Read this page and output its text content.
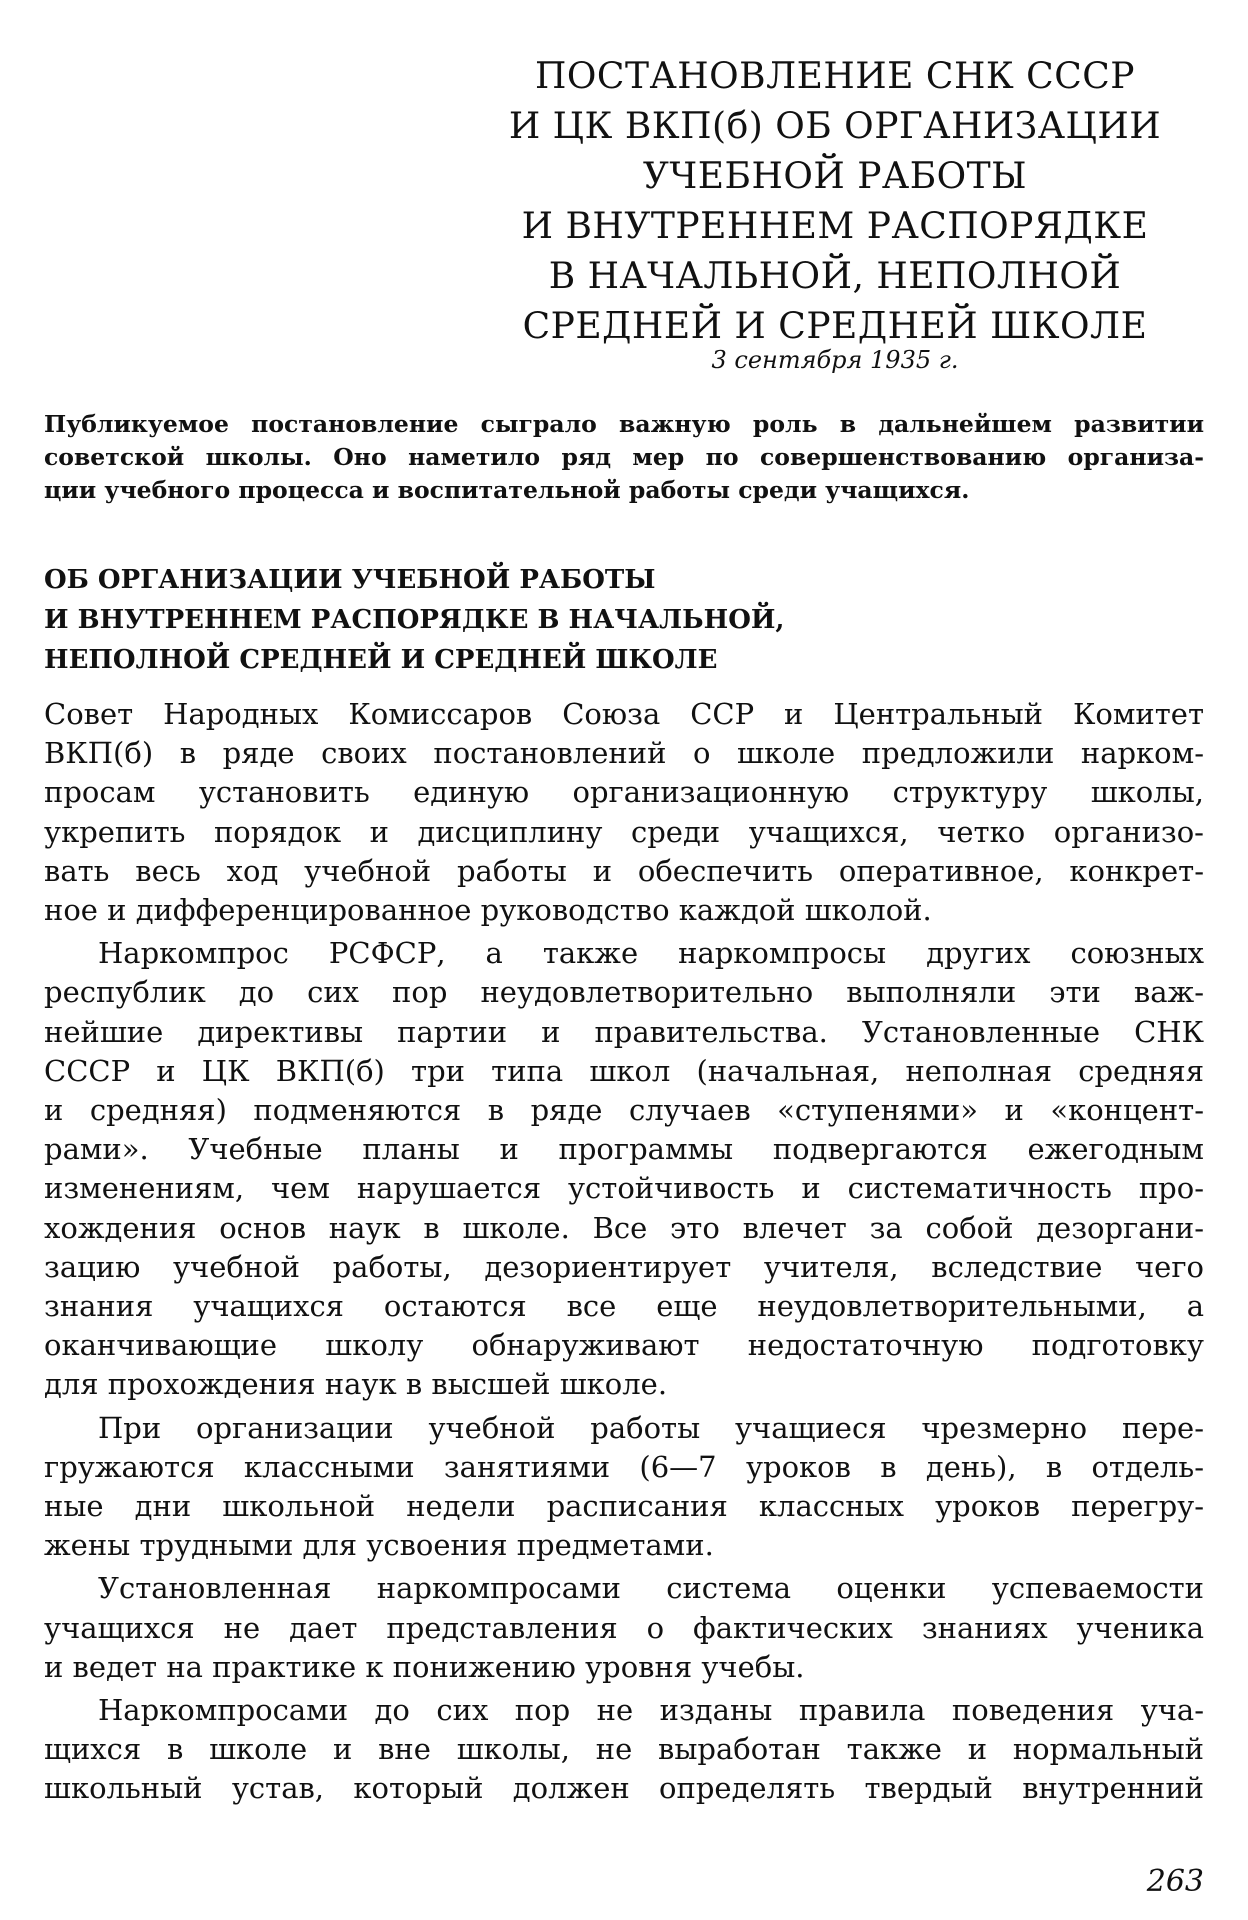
ПОСТАНОВЛЕНИЕ СНК СССР
И ЦК ВКП(б) ОБ ОРГАНИЗАЦИИ
УЧЕБНОЙ РАБОТЫ
И ВНУТРЕННЕМ РАСПОРЯДКЕ
В НАЧАЛЬНОЙ, НЕПОЛНОЙ
СРЕДНЕЙ И СРЕДНЕЙ ШКОЛЕ
3 сентября 1935 г.
Публикуемое постановление сыграло важную роль в дальнейшем развитии
советской школы. Оно наметило ряд мер по совершенствованию организа-
ции учебного процесса и воспитательной работы среди учащихся.
ОБ ОРГАНИЗАЦИИ УЧЕБНОЙ РАБОТЫ
И ВНУТРЕННЕМ РАСПОРЯДКЕ В НАЧАЛЬНОЙ,
НЕПОЛНОЙ СРЕДНЕЙ И СРЕДНЕЙ ШКОЛЕ
Совет Народных Комиссаров Союза ССР и Центральный Комитет
ВКП(б) в ряде своих постановлений о школе предложили нарком-
просам установить единую организационную структуру школы,
укрепить порядок и дисциплину среди учащихся, четко организо-
вать весь ход учебной работы и обеспечить оперативное, конкрет-
ное и дифференцированное руководство каждой школой.
Наркомпрос РСФСР, а также наркомпросы других союзных
республик до сих пор неудовлетворительно выполняли эти важ-
нейшие директивы партии и правительства. Установленные СНК
СССР и ЦК ВКП(б) три типа школ (начальная, неполная средняя
и средняя) подменяются в ряде случаев «ступенями» и «концент-
рами». Учебные планы и программы подвергаются ежегодным
изменениям, чем нарушается устойчивость и систематичность про-
хождения основ наук в школе. Все это влечет за собой дезоргани-
зацию учебной работы, дезориентирует учителя, вследствие чего
знания учащихся остаются все еще неудовлетворительными, а
оканчивающие школу обнаруживают недостаточную подготовку
для прохождения наук в высшей школе.
При организации учебной работы учащиеся чрезмерно пере-
гружаются классными занятиями (6—7 уроков в день), в отдель-
ные дни школьной недели расписания классных уроков перегру-
жены трудными для усвоения предметами.
Установленная наркомпросами система оценки успеваемости
учащихся не дает представления о фактических знаниях ученика
и ведет на практике к понижению уровня учебы.
Наркомпросами до сих пор не изданы правила поведения уча-
щихся в школе и вне школы, не выработан также и нормальный
школьный устав, который должен определять твердый внутренний
263
